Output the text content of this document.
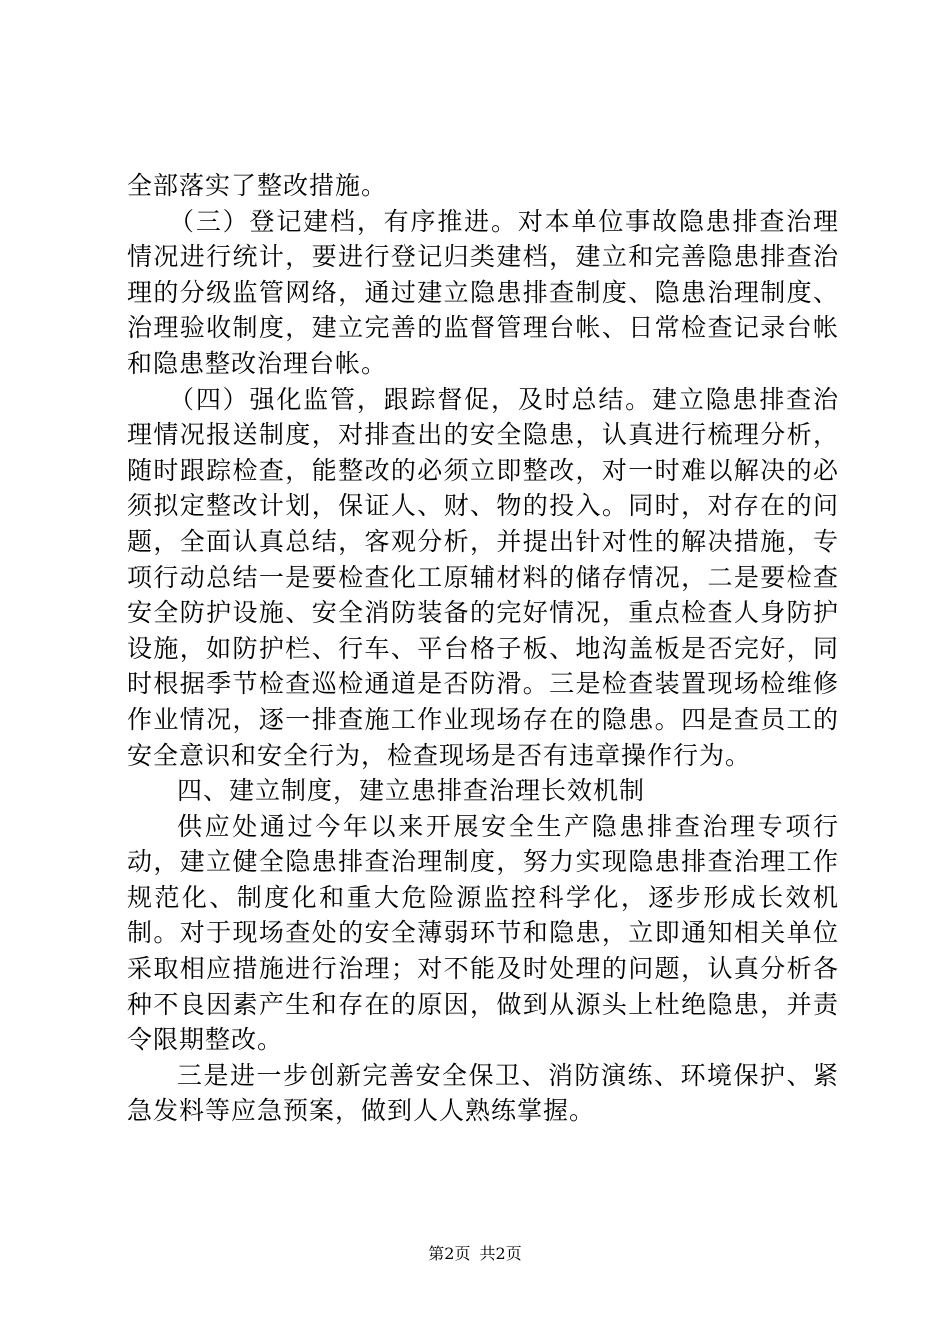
全部落实了整改措施。

（三）登记建档，有序推进。对本单位事故隐患排查治理情况进行统计，要进行登记归类建档，建立和完善隐患排查治理的分级监管网络，通过建立隐患排查制度、隐患治理制度、治理验收制度，建立完善的监督管理台帐、日常检查记录台帐和隐患整改治理台帐。

（四）强化监管，跟踪督促，及时总结。建立隐患排查治理情况报送制度，对排查出的安全隐患，认真进行梳理分析，随时跟踪检查，能整改的必须立即整改，对一时难以解决的必须拟定整改计划，保证人、财、物的投入。同时，对存在的问题，全面认真总结，客观分析，并提出针对性的解决措施，专项行动总结一是要检查化工原辅材料的储存情况，二是要检查安全防护设施、安全消防装备的完好情况，重点检查人身防护设施，如防护栏、行车、平台格子板、地沟盖板是否完好，同时根据季节检查巡检通道是否防滑。三是检查装置现场检维修作业情况，逐一排查施工作业现场存在的隐患。四是查员工的安全意识和安全行为，检查现场是否有违章操作行为。

四、建立制度，建立患排查治理长效机制

供应处通过今年以来开展安全生产隐患排查治理专项行动，建立健全隐患排查治理制度，努力实现隐患排查治理工作规范化、制度化和重大危险源监控科学化，逐步形成长效机制。对于现场查处的安全薄弱环节和隐患，立即通知相关单位采取相应措施进行治理；对不能及时处理的问题，认真分析各种不良因素产生和存在的原因，做到从源头上杜绝隐患，并责令限期整改。

三是进一步创新完善安全保卫、消防演练、环境保护、紧急发料等应急预案，做到人人熟练掌握。

第2页 共2页
